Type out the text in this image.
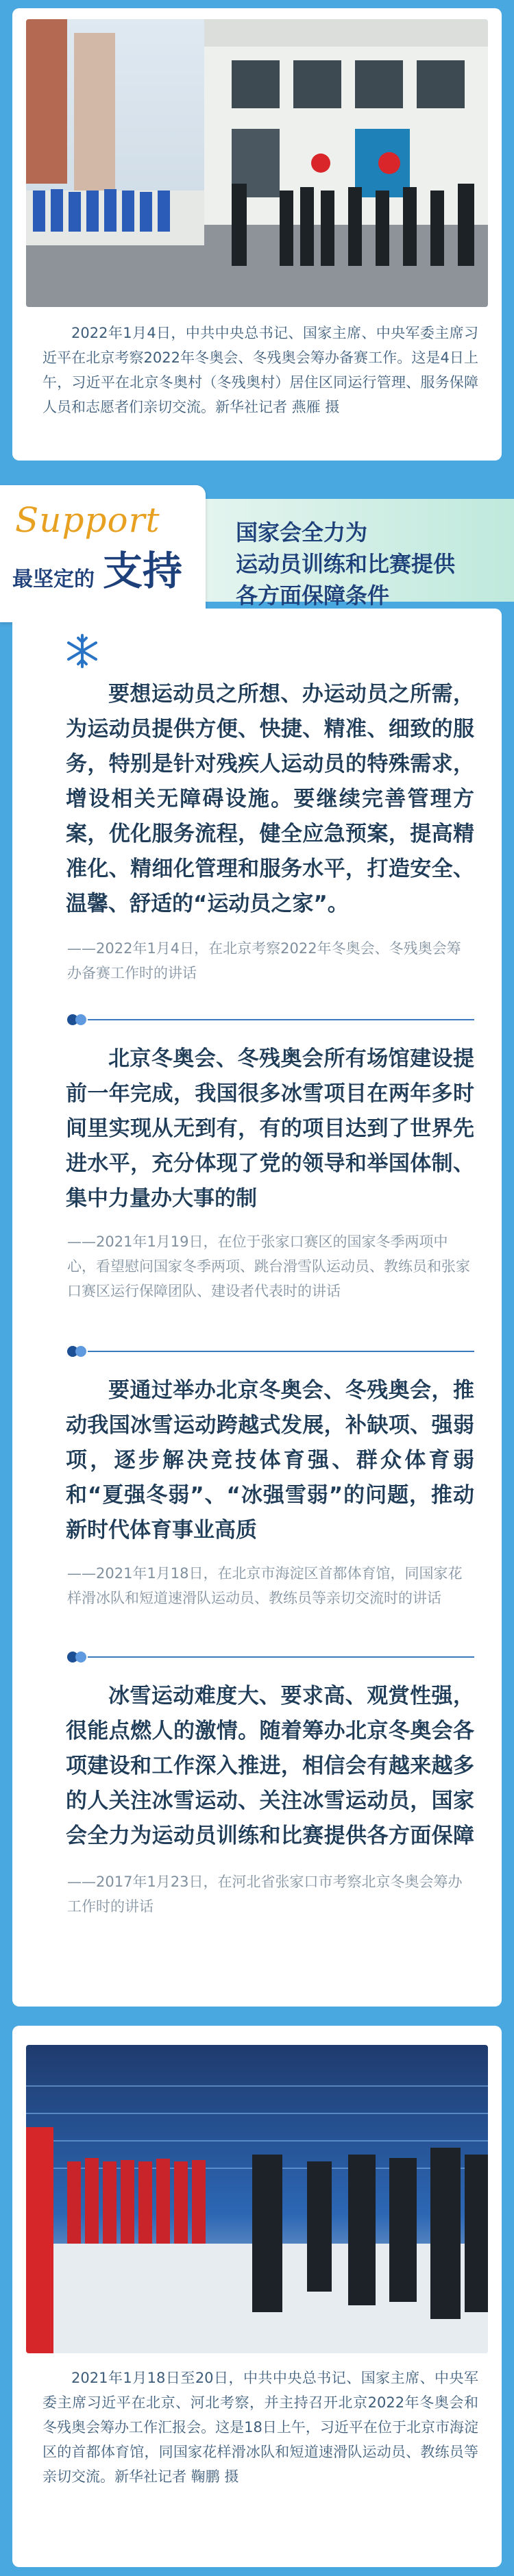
2022年1月4日，中共中央总书记、国家主席、中央军委主席习近平在北京考察2022年冬奥会、冬残奥会筹办备赛工作。这是4日上午，习近平在北京冬奥村（冬残奥村）居住区同运行管理、服务保障人员和志愿者们亲切交流。新华社记者 燕雁 摄
Support
最坚定的 支持
国家会全力为
运动员训练和比赛提供
各方面保障条件
要想运动员之所想、办运动员之所需，为运动员提供方便、快捷、精准、细致的服务，特别是针对残疾人运动员的特殊需求，增设相关无障碍设施。要继续完善管理方案，优化服务流程，健全应急预案，提高精准化、精细化管理和服务水平，打造安全、温馨、舒适的“运动员之家”。
——2022年1月4日，在北京考察2022年冬奥会、冬残奥会筹办备赛工作时的讲话
北京冬奥会、冬残奥会所有场馆建设提前一年完成，我国很多冰雪项目在两年多时间里实现从无到有，有的项目达到了世界先进水平，充分体现了党的领导和举国体制、集中力量办大事的制
——2021年1月19日，在位于张家口赛区的国家冬季两项中心，看望慰问国家冬季两项、跳台滑雪队运动员、教练员和张家口赛区运行保障团队、建设者代表时的讲话
要通过举办北京冬奥会、冬残奥会，推动我国冰雪运动跨越式发展，补缺项、强弱项，逐步解决竞技体育强、群众体育弱和“夏强冬弱”、“冰强雪弱”的问题，推动新时代体育事业高质
——2021年1月18日，在北京市海淀区首都体育馆，同国家花样滑冰队和短道速滑队运动员、教练员等亲切交流时的讲话
冰雪运动难度大、要求高、观赏性强，很能点燃人的激情。随着筹办北京冬奥会各项建设和工作深入推进，相信会有越来越多的人关注冰雪运动、关注冰雪运动员，国家会全力为运动员训练和比赛提供各方面保障
——2017年1月23日，在河北省张家口市考察北京冬奥会筹办工作时的讲话
2021年1月18日至20日，中共中央总书记、国家主席、中央军委主席习近平在北京、河北考察，并主持召开北京2022年冬奥会和冬残奥会筹办工作汇报会。这是18日上午，习近平在位于北京市海淀区的首都体育馆，同国家花样滑冰队和短道速滑队运动员、教练员等亲切交流。新华社记者 鞠鹏 摄
